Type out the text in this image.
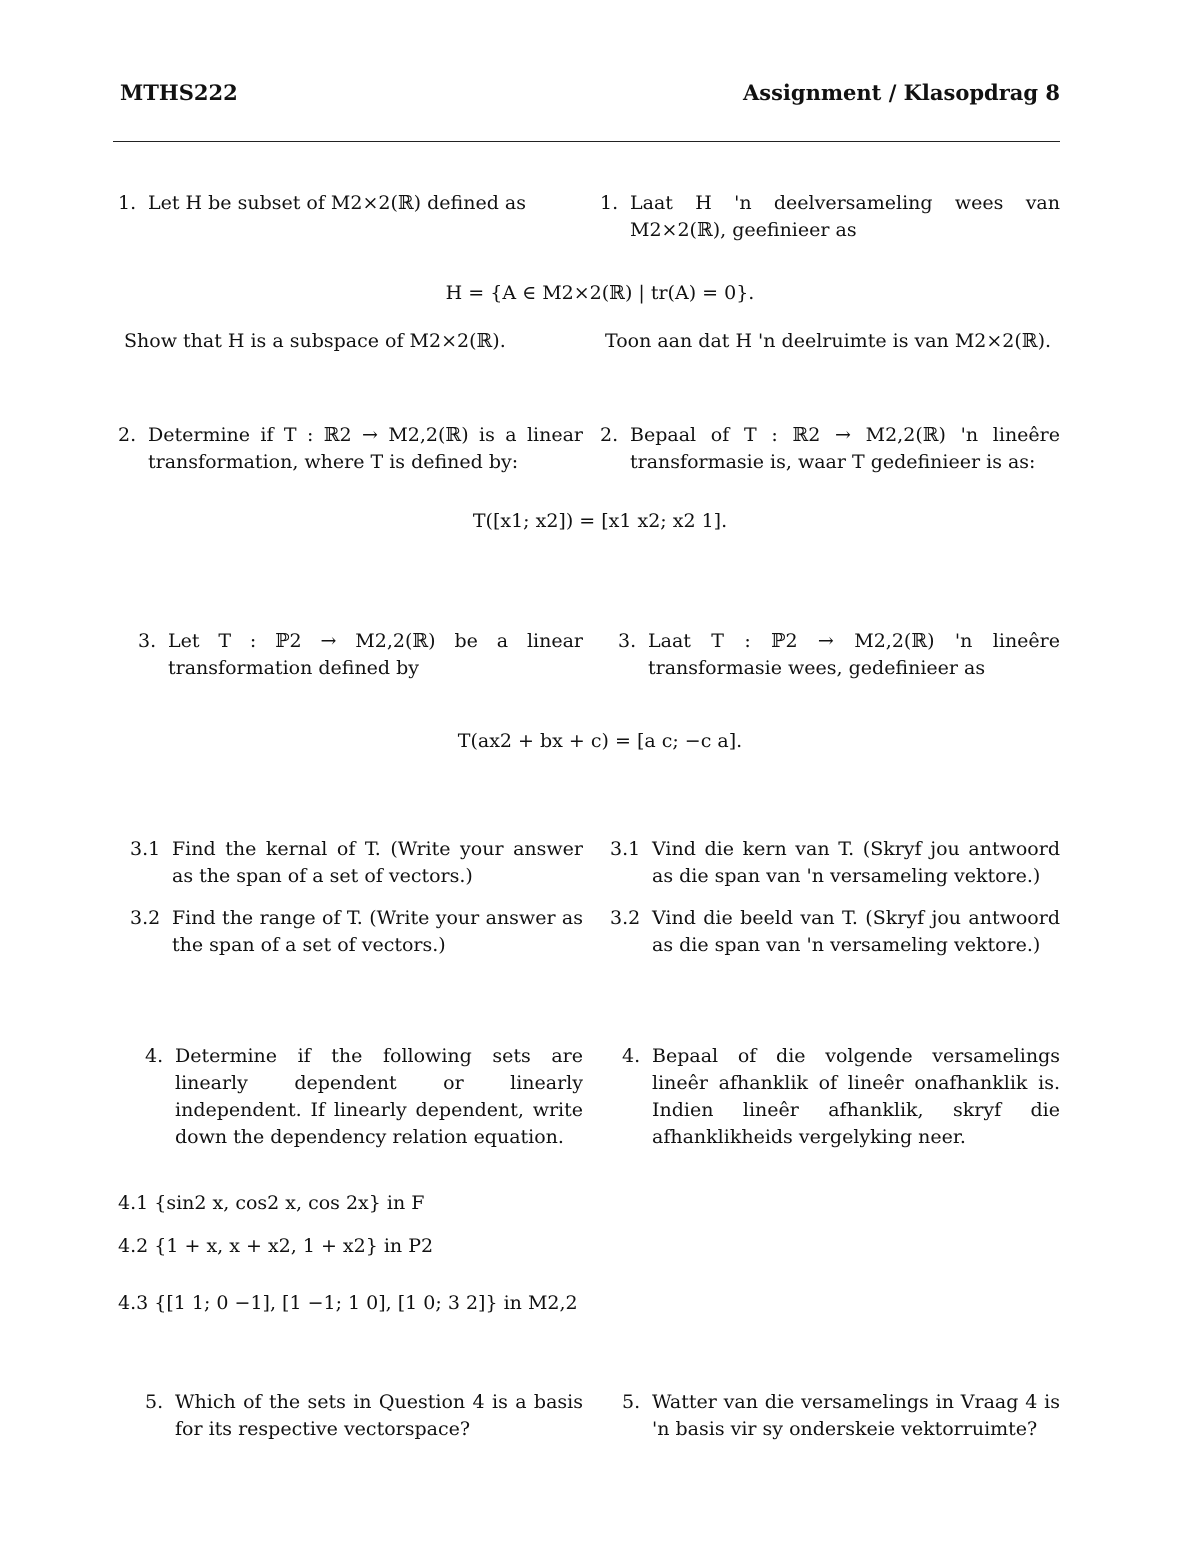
MTHS222	Assignment / Klasopdrag 8
1. Let H be subset of M2×2(ℝ) defined as	1. Laat H 'n deelversameling wees van M2×2(ℝ), geefinieer as
H = {A ∈ M2×2(ℝ) | tr(A) = 0}.
Show that H is a subspace of M2×2(ℝ).	Toon aan dat H 'n deelruimte is van M2×2(ℝ).
2. Determine if T : ℝ2 → M2,2(ℝ) is a linear transformation, where T is defined by:
2. Bepaal of T : ℝ2 → M2,2(ℝ) 'n lineêre transformasie is, waar T gedefinieer is as:
T([x1; x2]) = [x1 x2; x2 1].
3. Let T : ℙ2 → M2,2(ℝ) be a linear transformation defined by
3. Laat T : ℙ2 → M2,2(ℝ) 'n lineêre transformasie wees, gedefinieer as
T(ax2 + bx + c) = [a c; −c a].
3.1 Find the kernal of T. (Write your answer as the span of a set of vectors.)
3.1 Vind die kern van T. (Skryf jou antwoord as die span van 'n versameling vektore.)
3.2 Find the range of T. (Write your answer as the span of a set of vectors.)
3.2 Vind die beeld van T. (Skryf jou antwoord as die span van 'n versameling vektore.)
4. Determine if the following sets are linearly dependent or linearly independent. If linearly dependent, write down the dependency relation equation.
4. Bepaal of die volgende versamelings lineêr afhanklik of lineêr onafhanklik is. Indien lineêr afhanklik, skryf die afhanklikheids vergelyking neer.
4.1 {sin2 x, cos2 x, cos 2x} in F
4.2 {1 + x, x + x2, 1 + x2} in P2
4.3 {[1 1; 0 −1], [1 −1; 1 0], [1 0; 3 2]} in M2,2
5. Which of the sets in Question 4 is a basis for its respective vectorspace?
5. Watter van die versamelings in Vraag 4 is 'n basis vir sy onderskeie vektorruimte?
